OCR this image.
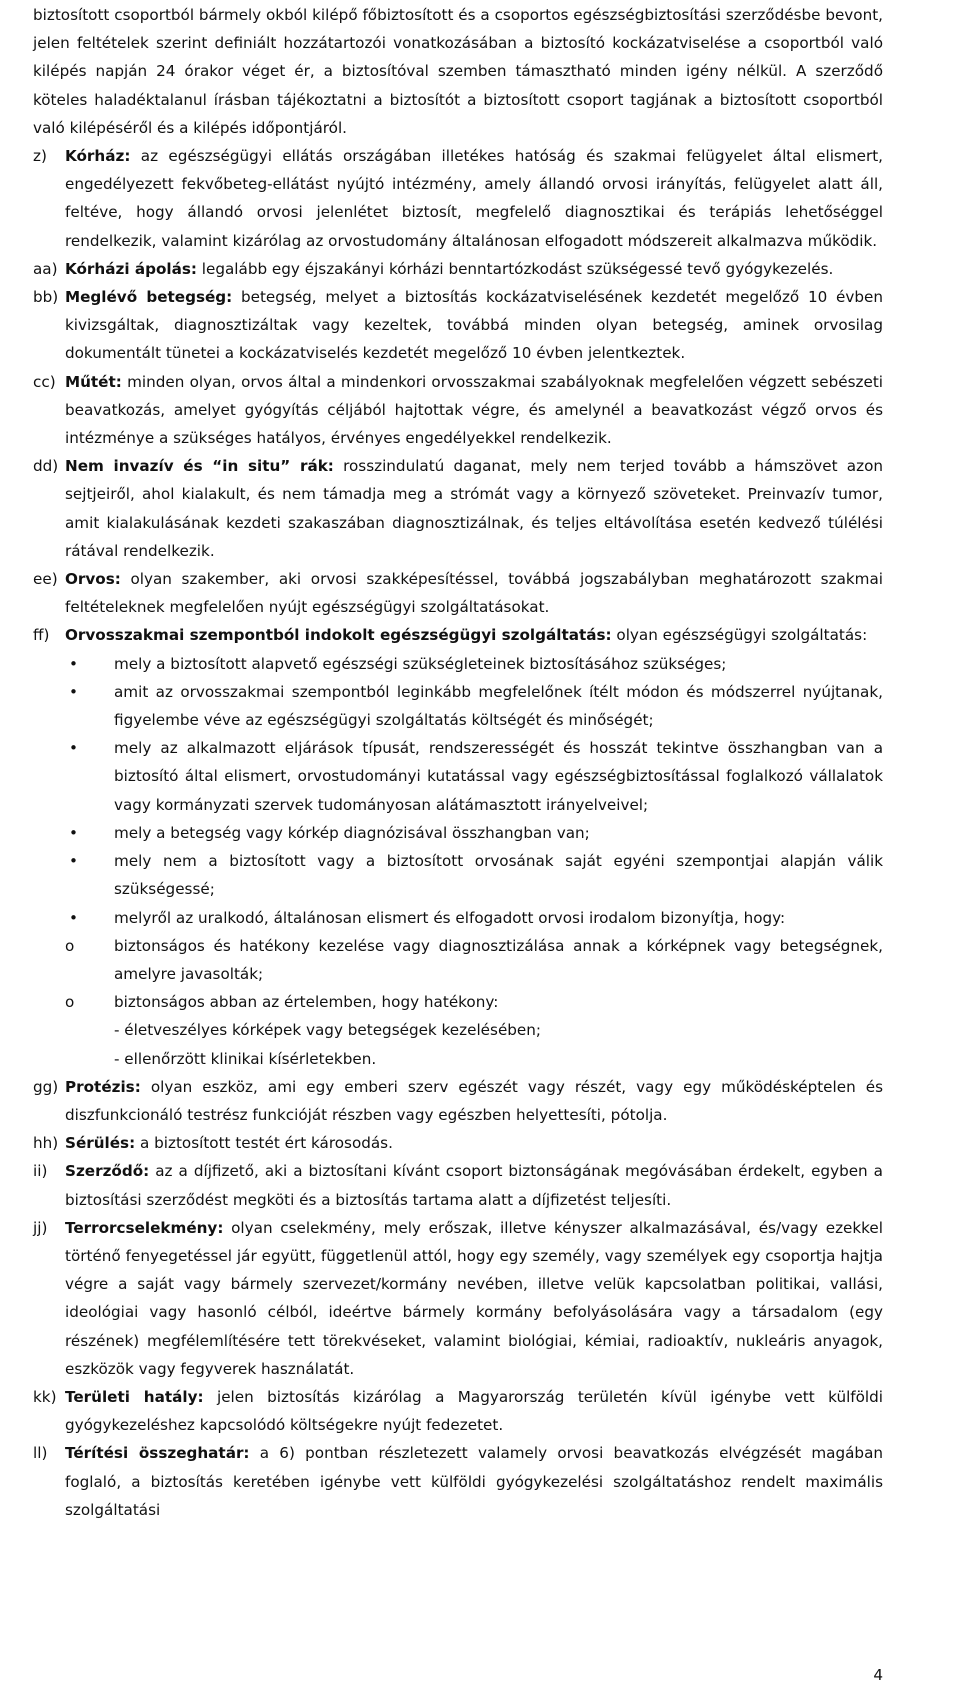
biztosított csoportból bármely okból kilépő főbiztosított és a csoportos egészségbiztosítási szerződésbe bevont, jelen feltételek szerint definiált hozzátartozói vonatkozásában a biztosító kockázatviselése a csoportból való kilépés napján 24 órakor véget ér, a biztosítóval szemben támasztható minden igény nélkül. A szerződő köteles haladéktalanul írásban tájékoztatni a biztosítót a biztosított csoport tagjának a biztosított csoportból való kilépéséről és a kilépés időpontjáról.

z)	Kórház: az egészségügyi ellátás országában illetékes hatóság és szakmai felügyelet által elismert, engedélyezett fekvőbeteg-ellátást nyújtó intézmény, amely állandó orvosi irányítás, felügyelet alatt áll, feltéve, hogy állandó orvosi jelenlétet biztosít, megfelelő diagnosztikai és terápiás lehetőséggel rendelkezik, valamint kizárólag az orvostudomány általánosan elfogadott módszereit alkalmazva működik.
aa) Kórházi ápolás: legalább egy éjszakányi kórházi benntartózkodást szükségessé tevő gyógykezelés.
bb) Meglévő betegség: betegség, melyet a biztosítás kockázatviselésének kezdetét megelőző 10 évben kivizsgáltak, diagnosztizáltak vagy kezeltek, továbbá minden olyan betegség, aminek orvosilag dokumentált tünetei a kockázatviselés kezdetét megelőző 10 évben jelentkeztek.
cc) Műtét: minden olyan, orvos által a mindenkori orvosszakmai szabályoknak megfelelően végzett sebészeti beavatkozás, amelyet gyógyítás céljából hajtottak végre, és amelynél a beavatkozást végző orvos és intézménye a szükséges hatályos, érvényes engedélyekkel rendelkezik.
dd) Nem invazív és “in situ” rák: rosszindulatú daganat, mely nem terjed tovább a hámszövet azon sejtjeiről, ahol kialakult, és nem támadja meg a strómát vagy a környező szöveteket. Preinvazív tumor, amit kialakulásának kezdeti szakaszában diagnosztizálnak, és teljes eltávolítása esetén kedvező túlélési rátával rendelkezik.
ee) Orvos: olyan szakember, aki orvosi szakképesítéssel, továbbá jogszabályban meghatározott szakmai feltételeknek megfelelően nyújt egészségügyi szolgáltatásokat.
ff)	Orvosszakmai szempontból indokolt egészségügyi szolgáltatás: olyan egészségügyi szolgáltatás:
•	mely a biztosított alapvető egészségi szükségleteinek biztosításához szükséges;
•	amit az orvosszakmai szempontból leginkább megfelelőnek ítélt módon és módszerrel nyújtanak, figyelembe véve az egészségügyi szolgáltatás költségét és minőségét;
•	mely az alkalmazott eljárások típusát, rendszerességét és hosszát tekintve összhangban van a biztosító által elismert, orvostudományi kutatással vagy egészségbiztosítással foglalkozó vállalatok vagy kormányzati szervek tudományosan alátámasztott irányelveivel;
•	mely a betegség vagy kórkép diagnózisával összhangban van;
•	mely nem a biztosított vagy a biztosított orvosának saját egyéni szempontjai alapján válik szükségessé;
•	melyről az uralkodó, általánosan elismert és elfogadott orvosi irodalom bizonyítja, hogy:
o	biztonságos és hatékony kezelése vagy diagnosztizálása annak a kórképnek vagy betegségnek, amelyre javasolták;
o	biztonságos abban az értelemben, hogy hatékony:
- életveszélyes kórképek vagy betegségek kezelésében;
- ellenőrzött klinikai kísérletekben.
gg) Protézis: olyan eszköz, ami egy emberi szerv egészét vagy részét, vagy egy működésképtelen és diszfunkcionáló testrész funkcióját részben vagy egészben helyettesíti, pótolja.
hh) Sérülés: a biztosított testét ért károsodás.
ii)	Szerződő: az a díjfizető, aki a biztosítani kívánt csoport biztonságának megóvásában érdekelt, egyben a biztosítási szerződést megköti és a biztosítás tartama alatt a díjfizetést teljesíti.
jj)	Terrorcselekmény: olyan cselekmény, mely erőszak, illetve kényszer alkalmazásával, és/vagy ezekkel történő fenyegetéssel jár együtt, függetlenül attól, hogy egy személy, vagy személyek egy csoportja hajtja végre a saját vagy bármely szervezet/kormány nevében, illetve velük kapcsolatban politikai, vallási, ideológiai vagy hasonló célból, ideértve bármely kormány befolyásolására vagy a társadalom (egy részének) megfélemlítésére tett törekvéseket, valamint biológiai, kémiai, radioaktív, nukleáris anyagok, eszközök vagy fegyverek használatát.
kk) Területi hatály: jelen biztosítás kizárólag a Magyarország területén kívül igénybe vett külföldi gyógykezeléshez kapcsolódó költségekre nyújt fedezetet.
ll)	Térítési összeghatár: a 6) pontban részletezett valamely orvosi beavatkozás elvégzését magában foglaló, a biztosítás keretében igénybe vett külföldi gyógykezelési szolgáltatáshoz rendelt maximális szolgáltatási
4
